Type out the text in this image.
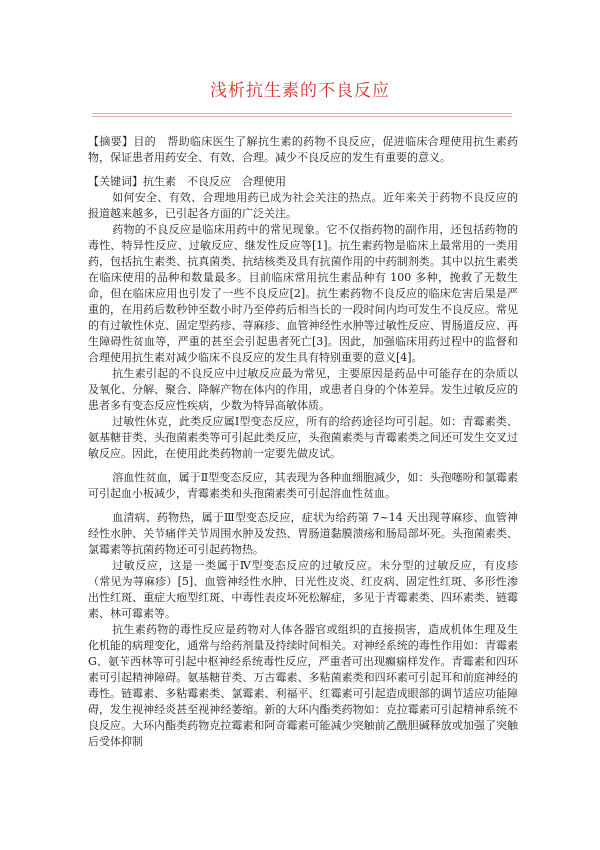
浅析抗生素的不良反应

【摘要】目的　帮助临床医生了解抗生素的药物不良反应，促进临床合理使用抗生素药物，保证患者用药安全、有效、合理。减少不良反应的发生有重要的意义。

【关键词】抗生素　不良反应　合理使用

如何安全、有效、合理地用药已成为社会关注的热点。近年来关于药物不良反应的报道越来越多，已引起各方面的广泛关注。

药物的不良反应是临床用药中的常见现象。它不仅指药物的副作用，还包括药物的毒性、特异性反应、过敏反应、继发性反应等[1]。抗生素药物是临床上最常用的一类用药，包括抗生素类、抗真菌类、抗结核类及具有抗菌作用的中药制剂类。其中以抗生素类在临床使用的品种和数量最多。目前临床常用抗生素品种有 100 多种，挽救了无数生命，但在临床应用也引发了一些不良反应[2]。抗生素药物不良反应的临床危害后果是严重的，在用药后数秒钟至数小时乃至停药后相当长的一段时间内均可发生不良反应。常见的有过敏性休克、固定型药疹、荨麻疹、血管神经性水肿等过敏性反应、胃肠道反应、再生障碍性贫血等，严重的甚至会引起患者死亡[3]。因此，加强临床用药过程中的监督和合理使用抗生素对减少临床不良反应的发生具有特别重要的意义[4]。

抗生素引起的不良反应中过敏反应最为常见，主要原因是药品中可能存在的杂质以及氧化、分解、聚合、降解产物在体内的作用，或患者自身的个体差异。发生过敏反应的患者多有变态反应性疾病，少数为特异高敏体质。

过敏性休克，此类反应属Ⅰ型变态反应，所有的给药途径均可引起。如：青霉素类、氨基糖苷类、头孢菌素类等可引起此类反应，头孢菌素类与青霉素类之间还可发生交叉过敏反应。因此，在使用此类药物前一定要先做皮试。

溶血性贫血，属于Ⅱ型变态反应，其表现为各种血细胞减少，如：头孢噻吩和氯霉素可引起血小板减少，青霉素类和头孢菌素类可引起溶血性贫血。

血清病、药物热，属于Ⅲ型变态反应，症状为给药第 7~14 天出现荨麻疹、血管神经性水肿、关节痛伴关节周围水肿及发热、胃肠道黏膜溃疡和肠局部坏死。头孢菌素类、氯霉素等抗菌药物还可引起药物热。

过敏反应，这是一类属于Ⅳ型变态反应的过敏反应。未分型的过敏反应，有皮疹（常见为荨麻疹）[5]、血管神经性水肿、日光性皮炎、红皮病、固定性红斑、多形性渗出性红斑、重症大疱型红斑、中毒性表皮坏死松解症，多见于青霉素类、四环素类、链霉素、林可霉素等。

抗生素药物的毒性反应是药物对人体各器官或组织的直接损害，造成机体生理及生化机能的病理变化，通常与给药剂量及持续时间相关。对神经系统的毒性作用如：青霉素 G、氨苄西林等可引起中枢神经系统毒性反应，严重者可出现癫痫样发作。青霉素和四环素可引起精神障碍。氨基糖苷类、万古霉素、多粘菌素类和四环素可引起耳和前庭神经的毒性。链霉素、多粘霉素类、氯霉素、利福平、红霉素可引起造成眼部的调节适应功能障碍，发生视神经炎甚至视神经萎缩。新的大环内酯类药物如：克拉霉素可引起精神系统不良反应。大环内酯类药物克拉霉素和阿奇霉素可能减少突触前乙酰胆碱释放或加强了突触后受体抑制
